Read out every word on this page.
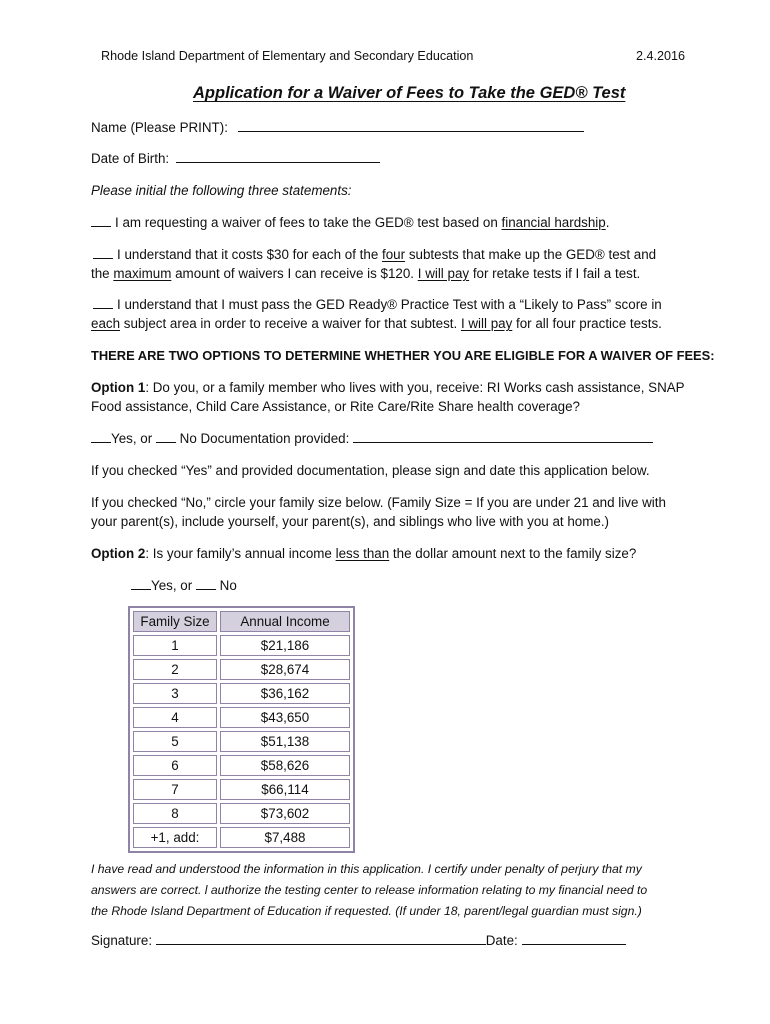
Rhode Island Department of Elementary and Secondary Education	2.4.2016
Application for a Waiver of Fees to Take the GED® Test
Name (Please PRINT):
Date of Birth:
Please initial the following three statements:
I am requesting a waiver of fees to take the GED® test based on financial hardship.
I understand that it costs $30 for each of the four subtests that make up the GED® test and
the maximum amount of waivers I can receive is $120. I will pay for retake tests if I fail a test.
I understand that I must pass the GED Ready® Practice Test with a “Likely to Pass” score in
each subject area in order to receive a waiver for that subtest. I will pay for all four practice tests.
THERE ARE TWO OPTIONS TO DETERMINE WHETHER YOU ARE ELIGIBLE FOR A WAIVER OF FEES:
Option 1: Do you, or a family member who lives with you, receive: RI Works cash assistance, SNAP
Food assistance, Child Care Assistance, or Rite Care/Rite Share health coverage?
Yes, or  No Documentation provided:
If you checked “Yes” and provided documentation, please sign and date this application below.
If you checked “No,” circle your family size below. (Family Size = If you are under 21 and live with
your parent(s), include yourself, your parent(s), and siblings who live with you at home.)
Option 2: Is your family’s annual income less than the dollar amount next to the family size?
Yes, or  No
Family Size	Annual Income
1	$21,186
2	$28,674
3	$36,162
4	$43,650
5	$51,138
6	$58,626
7	$66,114
8	$73,602
+1, add:	$7,488
I have read and understood the information in this application. I certify under penalty of perjury that my
answers are correct. l authorize the testing center to release information relating to my financial need to
the Rhode Island Department of Education if requested. (If under 18, parent/legal guardian must sign.)
Signature:	Date:
